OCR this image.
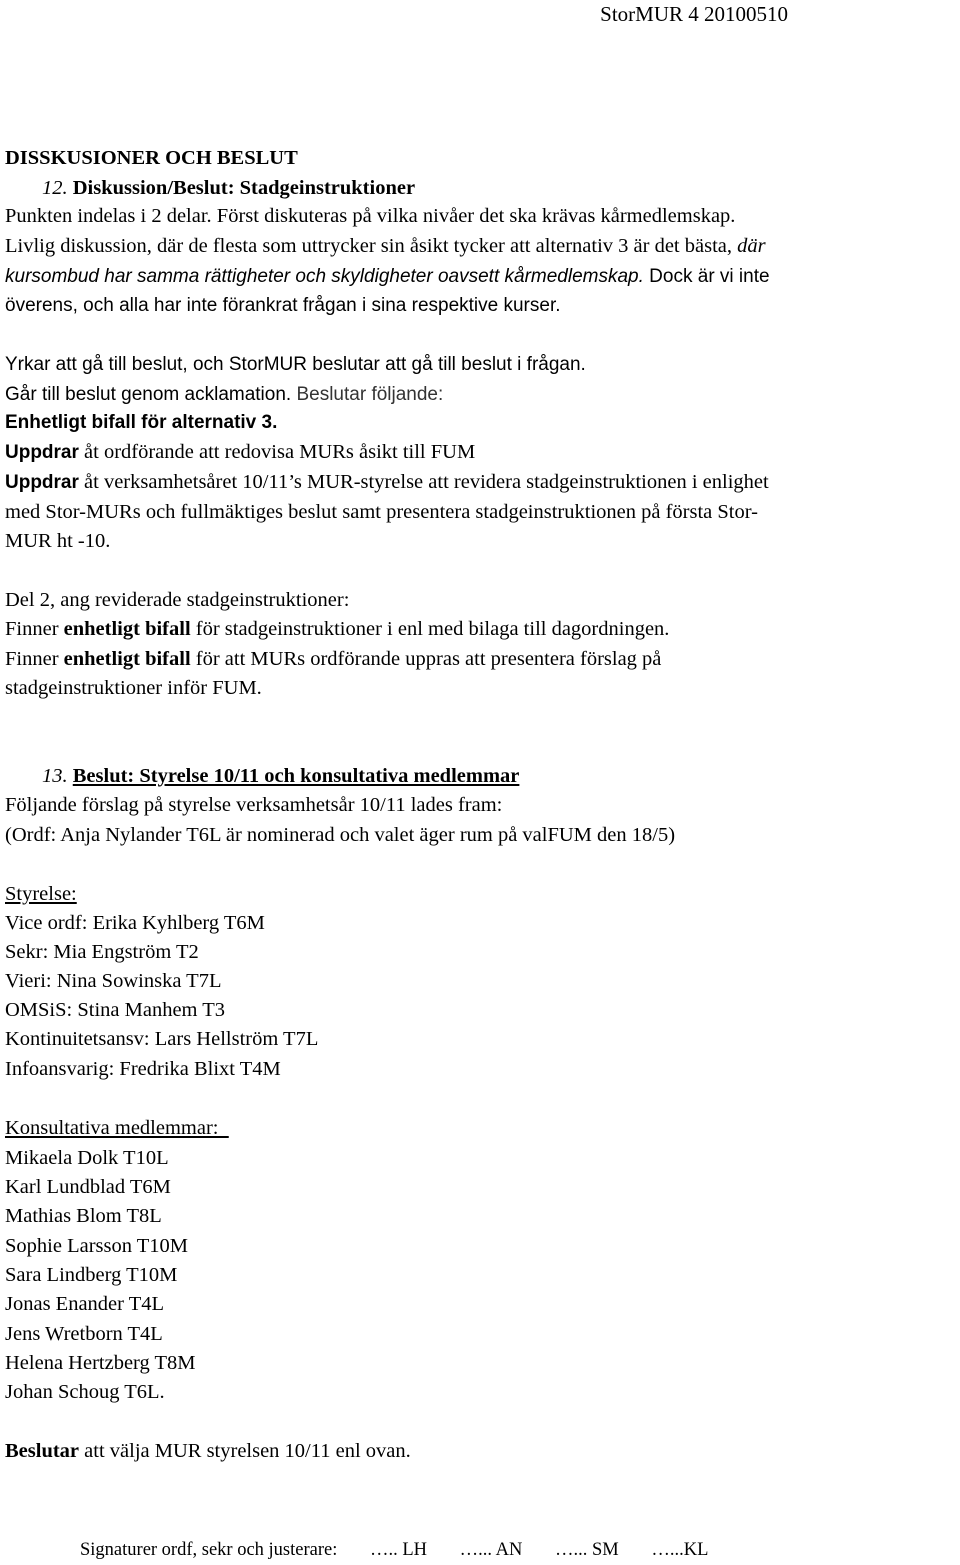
StorMUR 4 20100510
DISSKUSIONER OCH BESLUT
12. Diskussion/Beslut: Stadgeinstruktioner
Punkten indelas i 2 delar. Först diskuteras på vilka nivåer det ska krävas kårmedlemskap.
Livlig diskussion, där de flesta som uttrycker sin åsikt tycker att alternativ 3 är det bästa, där
kursombud har samma rättigheter och skyldigheter oavsett kårmedlemskap. Dock är vi inte
överens, och alla har inte förankrat frågan i sina respektive kurser.
Yrkar att gå till beslut, och StorMUR beslutar att gå till beslut i frågan.
Går till beslut genom acklamation. Beslutar följande:
Enhetligt bifall för alternativ 3.
Uppdrar åt ordförande att redovisa MURs åsikt till FUM
Uppdrar åt verksamhetsåret 10/11’s MUR-styrelse att revidera stadgeinstruktionen i enlighet
med Stor-MURs och fullmäktiges beslut samt presentera stadgeinstruktionen på första Stor-
MUR ht -10.
Del 2, ang reviderade stadgeinstruktioner:
Finner enhetligt bifall för stadgeinstruktioner i enl med bilaga till dagordningen.
Finner enhetligt bifall för att MURs ordförande uppras att presentera förslag på
stadgeinstruktioner inför FUM.
13. Beslut: Styrelse 10/11 och konsultativa medlemmar
Följande förslag på styrelse verksamhetsår 10/11 lades fram:
(Ordf: Anja Nylander T6L är nominerad och valet äger rum på valFUM den 18/5)
Styrelse:
Vice ordf: Erika Kyhlberg T6M
Sekr: Mia Engström T2
Vieri: Nina Sowinska T7L
OMSiS: Stina Manhem T3
Kontinuitetsansv: Lars Hellström T7L
Infoansvarig: Fredrika Blixt T4M
Konsultativa medlemmar:
Mikaela Dolk T10L
Karl Lundblad T6M
Mathias Blom T8L
Sophie Larsson T10M
Sara Lindberg T10M
Jonas Enander T4L
Jens Wretborn T4L
Helena Hertzberg T8M
Johan Schoug T6L.
Beslutar att välja MUR styrelsen 10/11 enl ovan.
Signaturer ordf, sekr och justerare: ….. LH …... AN …... SM …...KL
